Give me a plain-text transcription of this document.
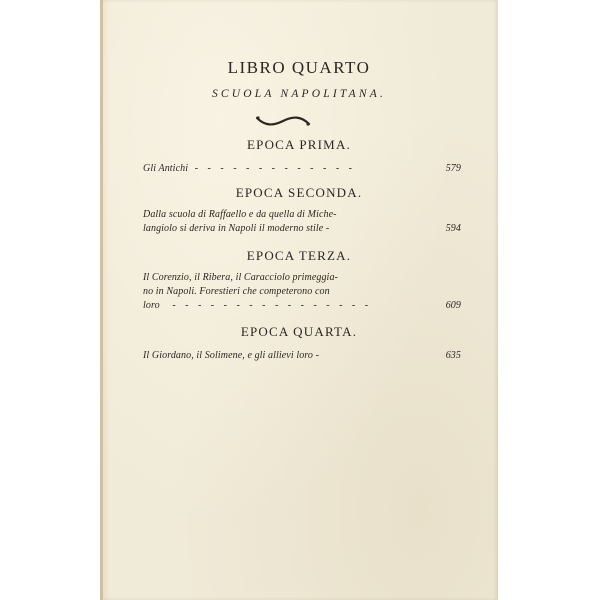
LIBRO QUARTO
SCUOLA NAPOLITANA.
EPOCA PRIMA.
Gli Antichi - - - - - - - - - - - - -	579
EPOCA SECONDA.
Dalla scuola di Raffaello e da quella di Miche-
langiolo si deriva in Napoli il moderno stile -	594
EPOCA TERZA.
Il Corenzio, il Ribera, il Caracciolo primeggia-
no in Napoli. Forestieri che competerono con
loro - - - - - - - - - - - - - - - -	609
EPOCA QUARTA.
Il Giordano, il Solimene, e gli allievi loro -	635
